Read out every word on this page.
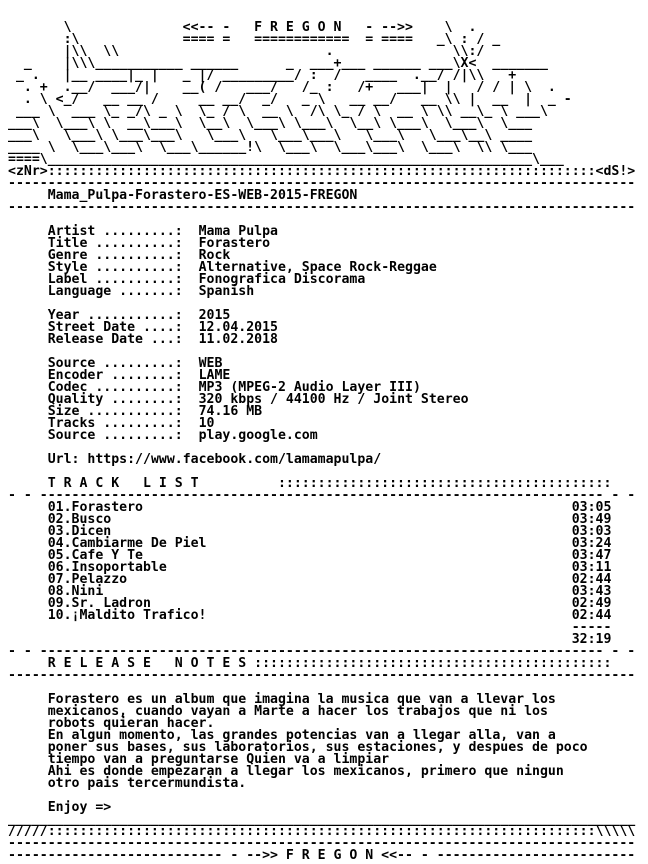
\              <<-- -   F R E G O N   - -->>    \  .
:\             ==== =   ============  = ====   _\ : / _
|\\  \\                          .               \\:/
_    |\\\___________ ______      _  ___+___ ______ ___\X<  _______
_ .   |__ ____|_ |   _ |/ _________/ :  /   ____  .__/ /|\\   +
. +  .__/  ___/|    __( /   ___/   /_ :   /+   ___|  |   / / | \  .
. \ <_/   __ __ /     __ __/  _/   _ \   __ __/   __ \\ |  __  |  _ -
___ \  ___ \_ _/\ _ \  \_ / \  __ \  /\ \_ / \  __ \ \\ __\_ \ ___\
___\  \___\ \  __\___\  \__\  \___\ \___\  \__\ \___\  \___\  \___
___\   \___\ \___\___\   \___\   \___\___\   \___\   \___\__\ ____
____ \  \___\___\  \___\______!\  \___\  \___\___\  \___\  \\ \___
====\_____________________________________________________________\___
<zNr>:::::::::::::::::::::::::::::::::::::::::::::::::::::::::::::::::::::<dS!>
-------------------------------------------------------------------------------
Mama_Pulpa-Forastero-ES-WEB-2015-FREGON
-------------------------------------------------------------------------------

Artist .........: Mama Pulpa
Title ..........: Forastero
Genre ..........: Rock
Style ..........: Alternative, Space Rock-Reggae
Label ..........: Fonografica Discorama
Language .......: Spanish

Year ...........: 2015
Street Date ....: 12.04.2015
Release Date ...: 11.02.2018

Source .........: WEB
Encoder ........: LAME
Codec ..........: MP3 (MPEG-2 Audio Layer III)
Quality ........: 320 kbps / 44100 Hz / Joint Stereo
Size ...........: 74.16 MB
Tracks .........: 10
Source .........: play.google.com

Url: https://www.facebook.com/lamamapulpa/

T R A C K   L I S T	::::::::::::::::::::::::::::::::::::::::::
- - ----------------------------------------------------------------------- - -
01.Forastero	03:05
02.Busco	03:49
03.Dicen	03:03
04.Cambiarme De Piel	03:24
05.Cafe Y Te	03:47
06.Insoportable	03:11
07.Pelazzo	02:44
08.Nini	03:43
09.Sr. Ladron	02:49
10.¡Maldito Trafico!	02:44
-----
32:19
- - ----------------------------------------------------------------------- - -
R E L E A S E   N O T E S :::::::::::::::::::::::::::::::::::::::::::::
-------------------------------------------------------------------------------

Forastero es un album que imagina la musica que van a llevar los
mexicanos, cuando vayan a Marte a hacer los trabajos que ni los
robots quieran hacer.
En algun momento, las grandes potencias van a llegar alla, van a
poner sus bases, sus laboratorios, sus estaciones, y despues de poco
tiempo van a preguntarse Quien va a limpiar
Ahi es donde empezaran a llegar los mexicanos, primero que ningun
otro pais tercermundista.

Enjoy =>
_______________________________________________________________________________
/////:::::::::::::::::::::::::::::::::::::::::::::::::::::::::::::::::::::\\\\\
-------------------------------------------------------------------------------
--------------------------- - -->> F R E G O N <<-- - -------------------------
